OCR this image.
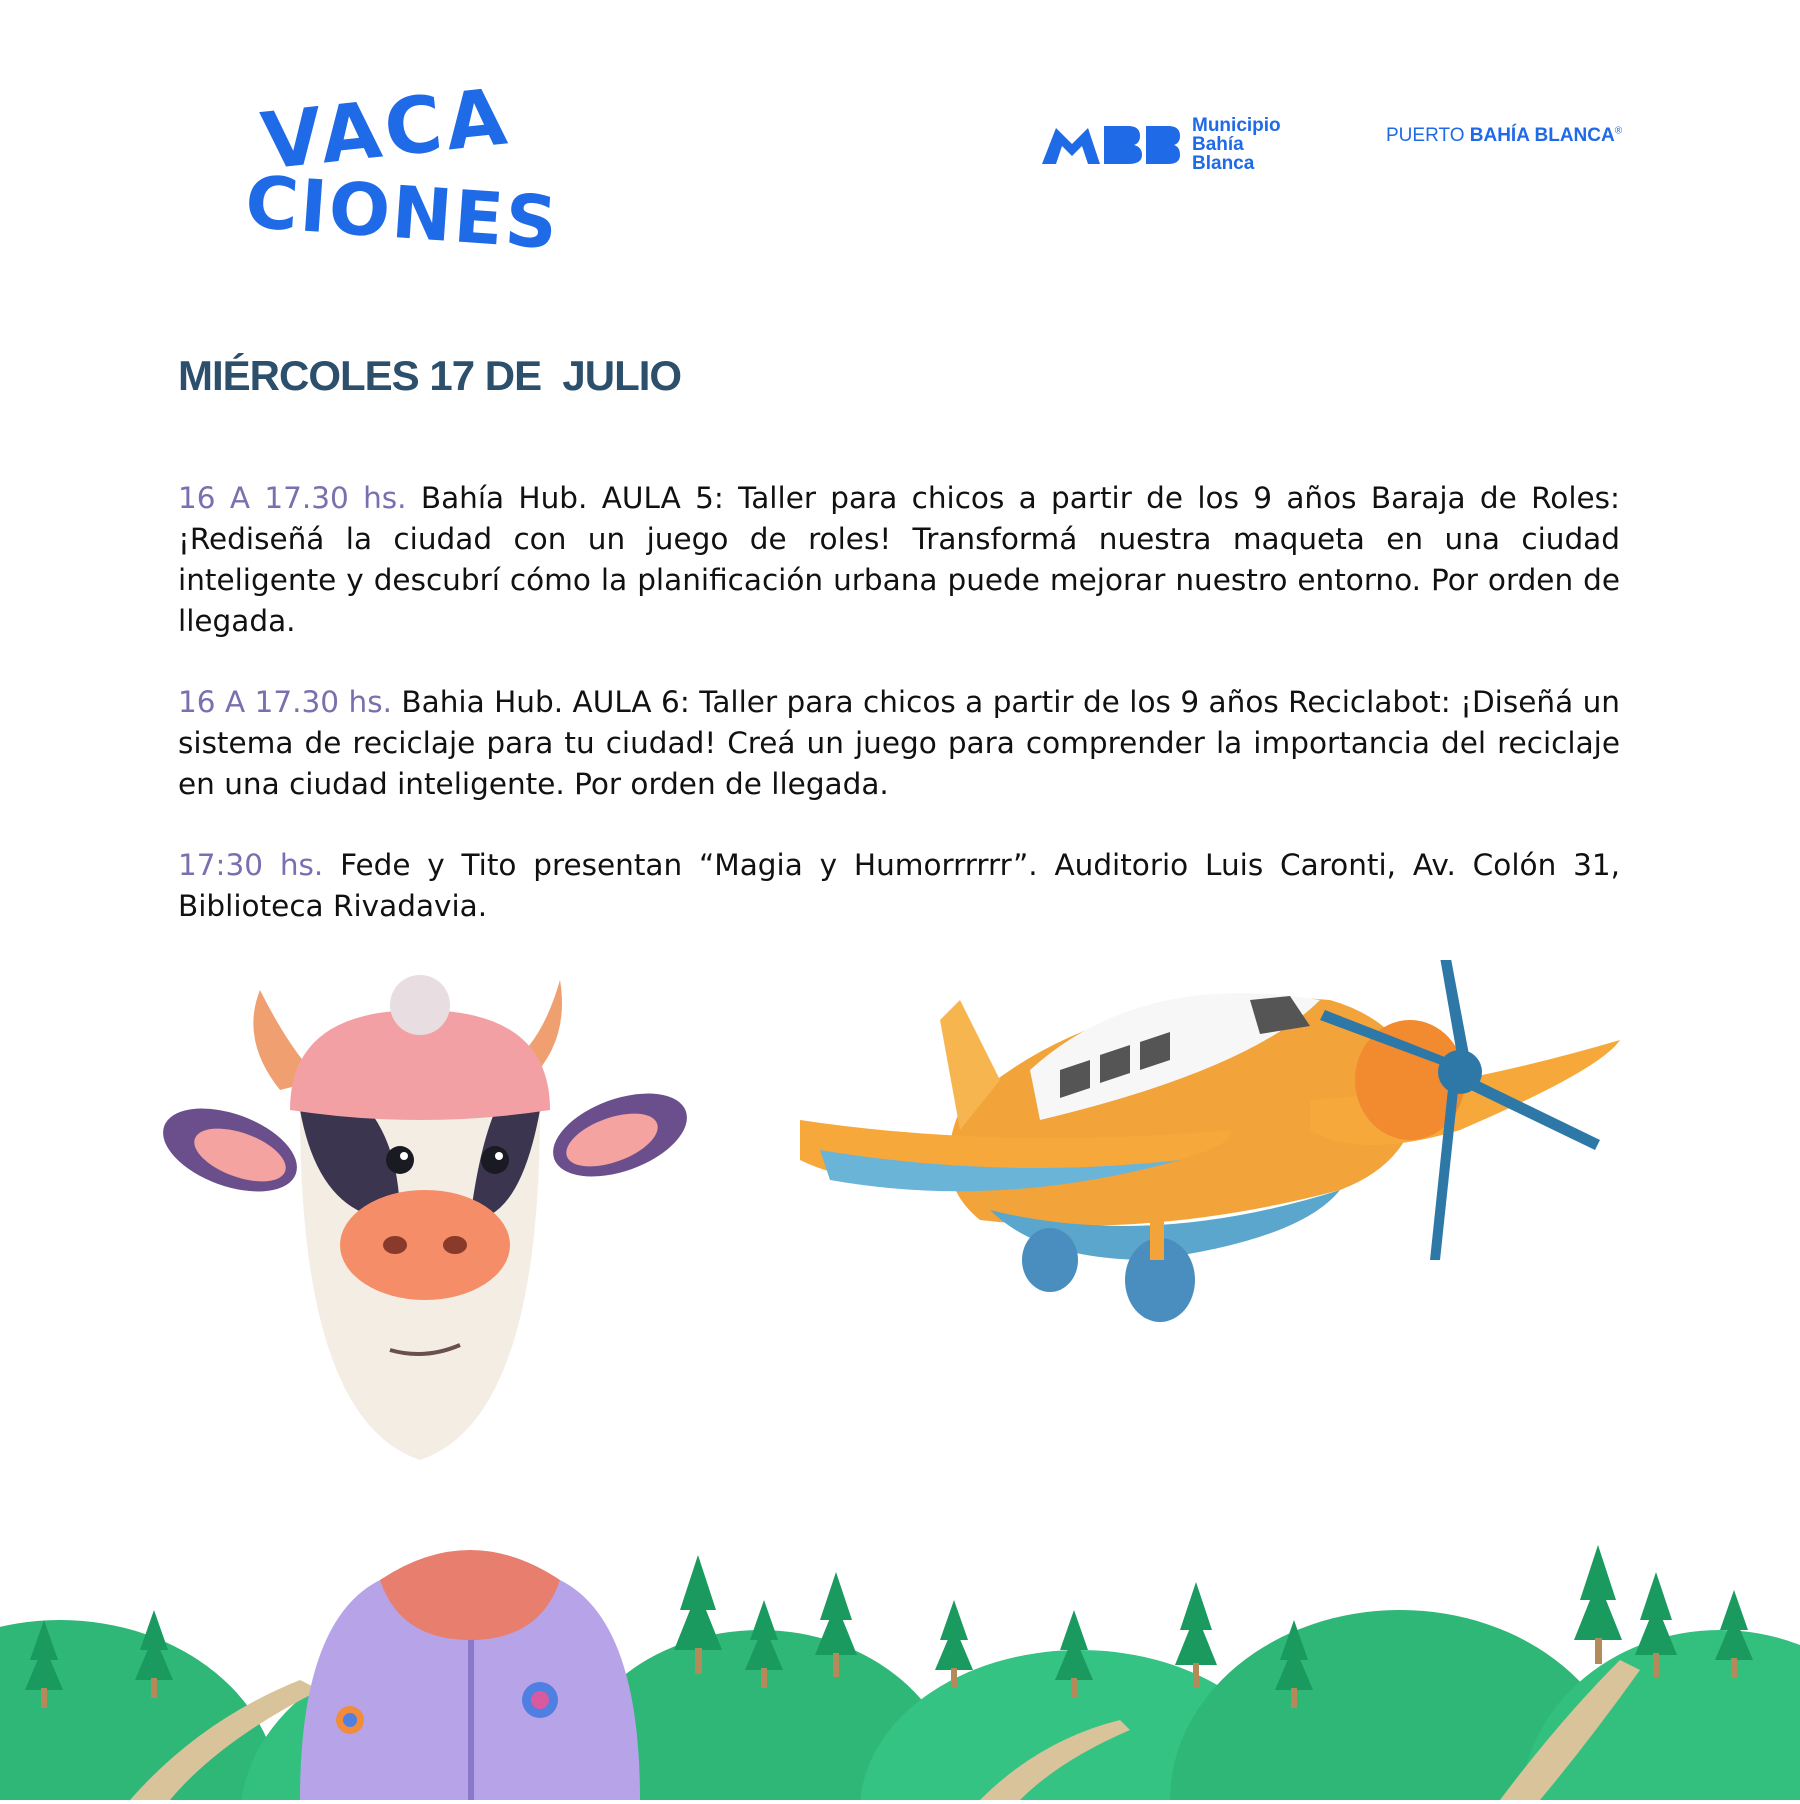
VACA
CIONES
Municipio
Bahía
Blanca
PUERTO BAHÍA BLANCA®
MIÉRCOLES 17 DE  JULIO

16 A 17.30 hs. Bahía Hub. AULA 5: Taller para chicos a partir de los 9 años Baraja de Roles: ¡Rediseñá la ciudad con un juego de roles! Transformá nuestra maqueta en una ciudad inteligente y descubrí cómo la planificación urbana puede mejorar nuestro entorno. Por orden de llegada.

16 A 17.30 hs. Bahia Hub. AULA 6: Taller para chicos a partir de los 9 años Reciclabot: ¡Diseñá un sistema de reciclaje para tu ciudad! Creá un juego para comprender la importancia del reciclaje en una ciudad inteligente. Por orden de llegada.

17:30 hs. Fede y Tito presentan “Magia y Humorrrrrr”. Auditorio Luis Caronti, Av. Colón 31, Biblioteca Rivadavia.
